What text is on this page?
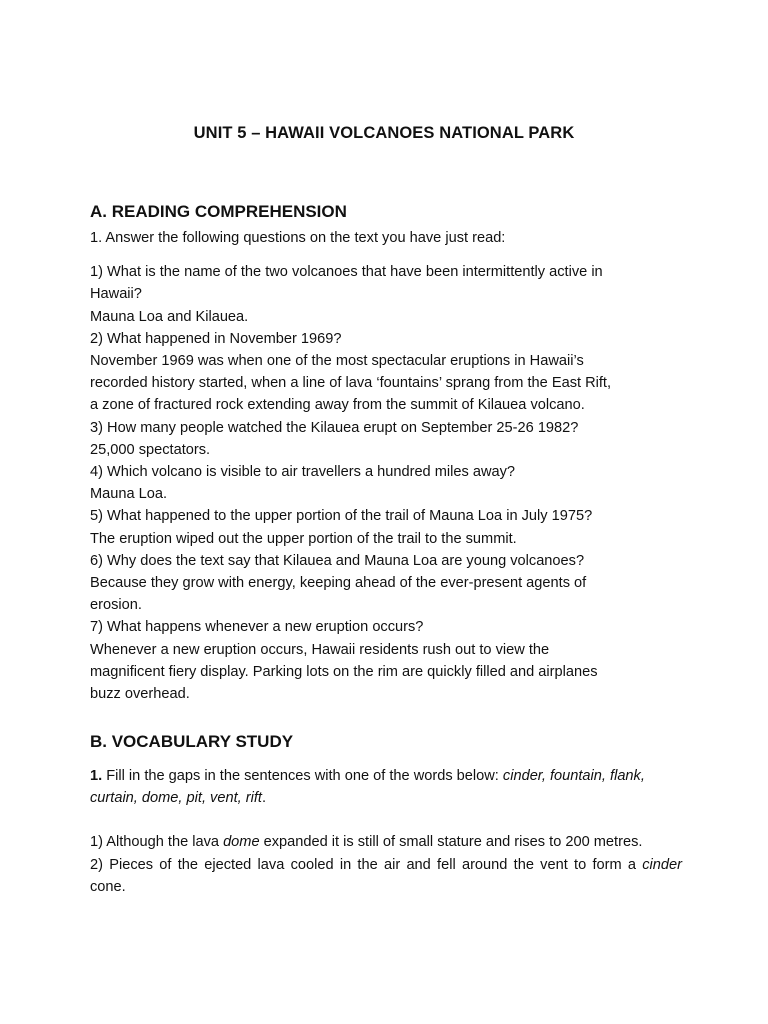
UNIT 5 – HAWAII VOLCANOES NATIONAL PARK

A. READING COMPREHENSION

1. Answer the following questions on the text you have just read:

1) What is the name of the two volcanoes that have been intermittently active in

Hawaii?

Mauna Loa and Kilauea.

2) What happened in November 1969?

November 1969 was when one of the most spectacular eruptions in Hawaii’s

recorded history started, when a line of lava ‘fountains’ sprang from the East Rift,

a zone of fractured rock extending away from the summit of Kilauea volcano.

3) How many people watched the Kilauea erupt on September 25-26 1982?

25,000 spectators.

4) Which volcano is visible to air travellers a hundred miles away?

Mauna Loa.

5) What happened to the upper portion of the trail of Mauna Loa in July 1975?

The eruption wiped out the upper portion of the trail to the summit.

6) Why does the text say that Kilauea and Mauna Loa are young volcanoes?

Because they grow with energy, keeping ahead of the ever-present agents of

erosion.

7) What happens whenever a new eruption occurs?

Whenever a new eruption occurs, Hawaii residents rush out to view the

magnificent fiery display. Parking lots on the rim are quickly filled and airplanes

buzz overhead.

B. VOCABULARY STUDY

1. Fill in the gaps in the sentences with one of the words below: cinder, fountain, flank, curtain, dome, pit, vent, rift.

1) Although the lava dome expanded it is still of small stature and rises to 200 metres.

2) Pieces of the ejected lava cooled in the air and fell around the vent to form a cinder cone.
